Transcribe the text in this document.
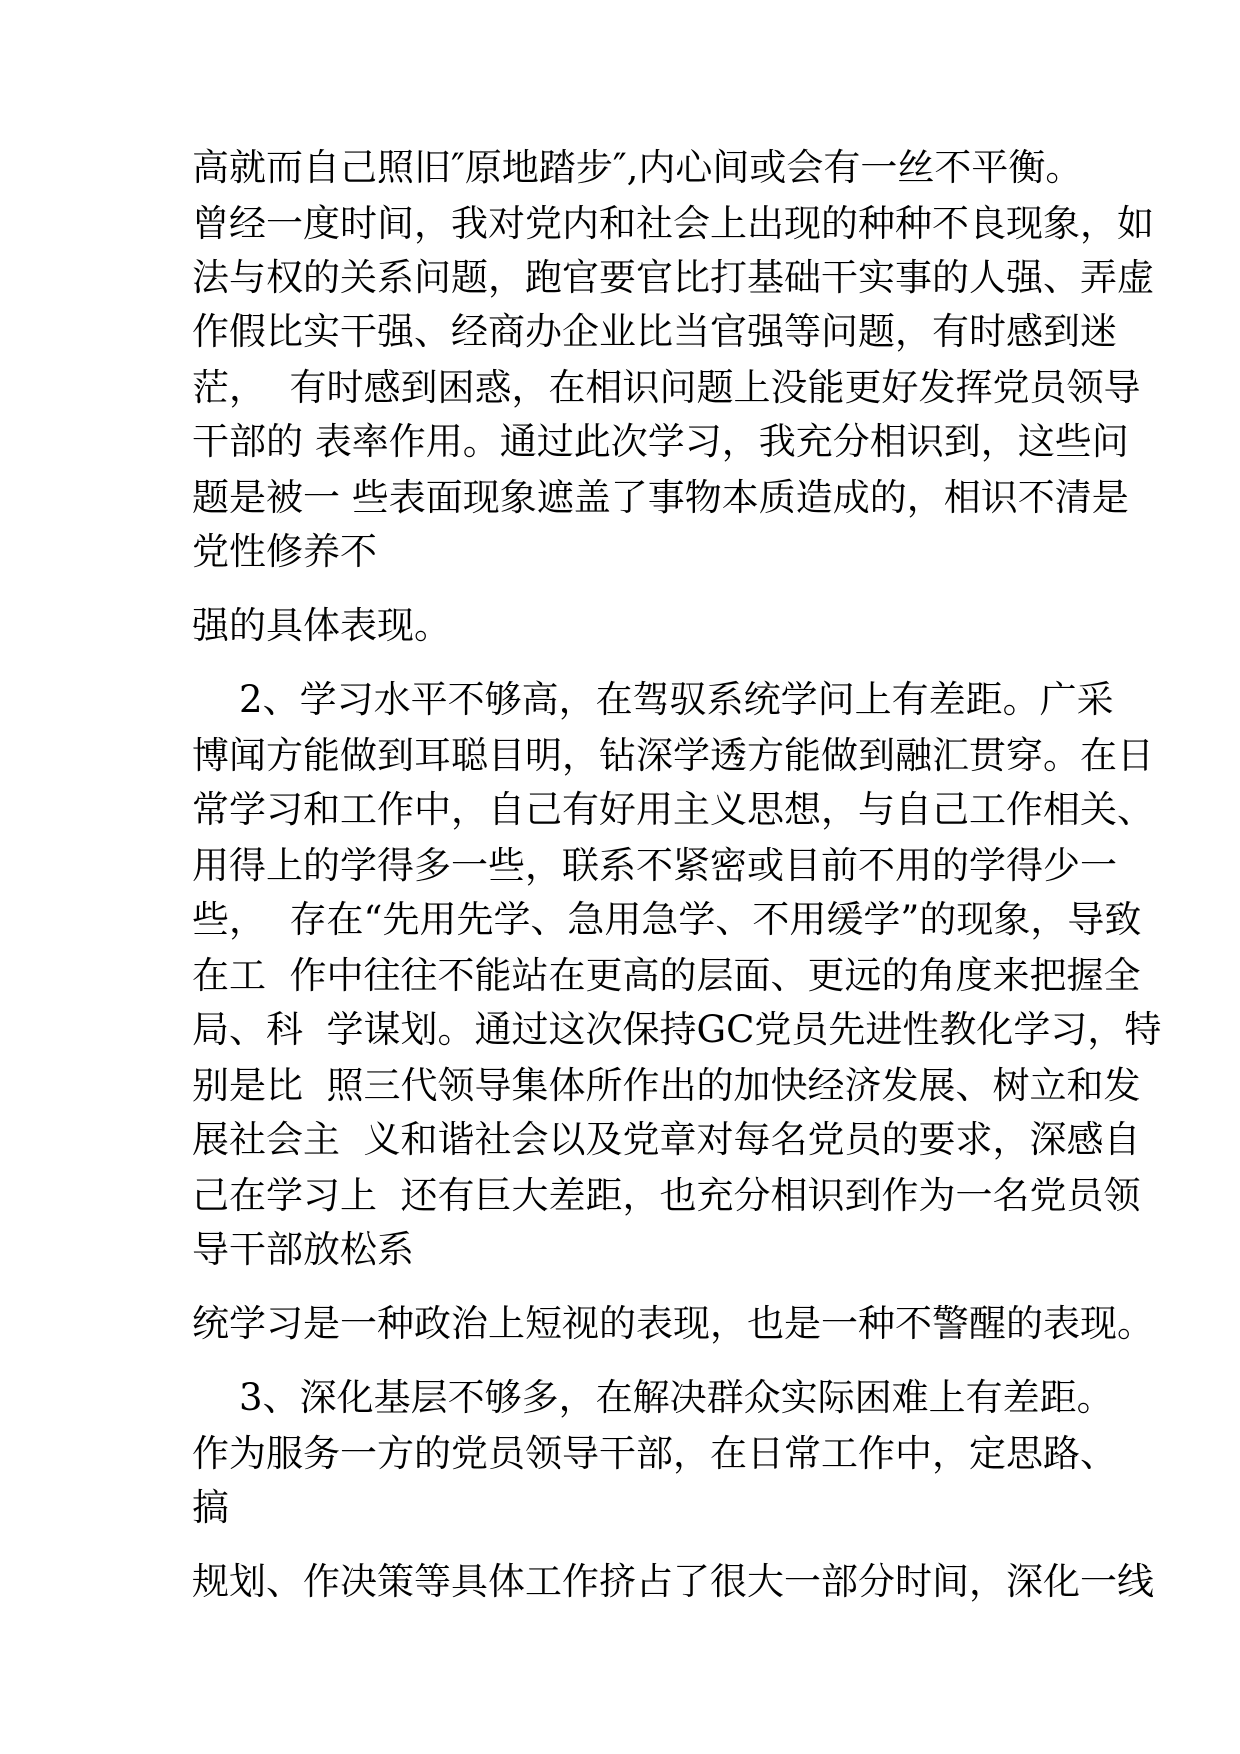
高就而自己照旧″原地踏步″,内心间或会有一丝不平衡。
曾经一度时间，我对党内和社会上出现的种种不良现象，如
法与权的关系问题，跑官要官比打基础干实事的人强、弄虚
作假比实干强、经商办企业比当官强等问题，有时感到迷
茫，  有时感到困惑，在相识问题上没能更好发挥党员领导
干部的 表率作用。通过此次学习，我充分相识到，这些问
题是被一 些表面现象遮盖了事物本质造成的，相识不清是
党性修养不
强的具体表现。
2、学习水平不够高，在驾驭系统学问上有差距。广采
博闻方能做到耳聪目明，钻深学透方能做到融汇贯穿。在日
常学习和工作中，自己有好用主义思想，与自己工作相关、
用得上的学得多一些，联系不紧密或目前不用的学得少一
些，  存在“先用先学、急用急学、不用缓学”的现象，导致
在工  作中往往不能站在更高的层面、更远的角度来把握全
局、科  学谋划。通过这次保持GC党员先进性教化学习，特
别是比  照三代领导集体所作出的加快经济发展、树立和发
展社会主  义和谐社会以及党章对每名党员的要求，深感自
己在学习上  还有巨大差距，也充分相识到作为一名党员领
导干部放松系
统学习是一种政治上短视的表现，也是一种不警醒的表现。
3、深化基层不够多，在解决群众实际困难上有差距。
作为服务一方的党员领导干部，在日常工作中，定思路、
搞
规划、作决策等具体工作挤占了很大一部分时间，深化一线
